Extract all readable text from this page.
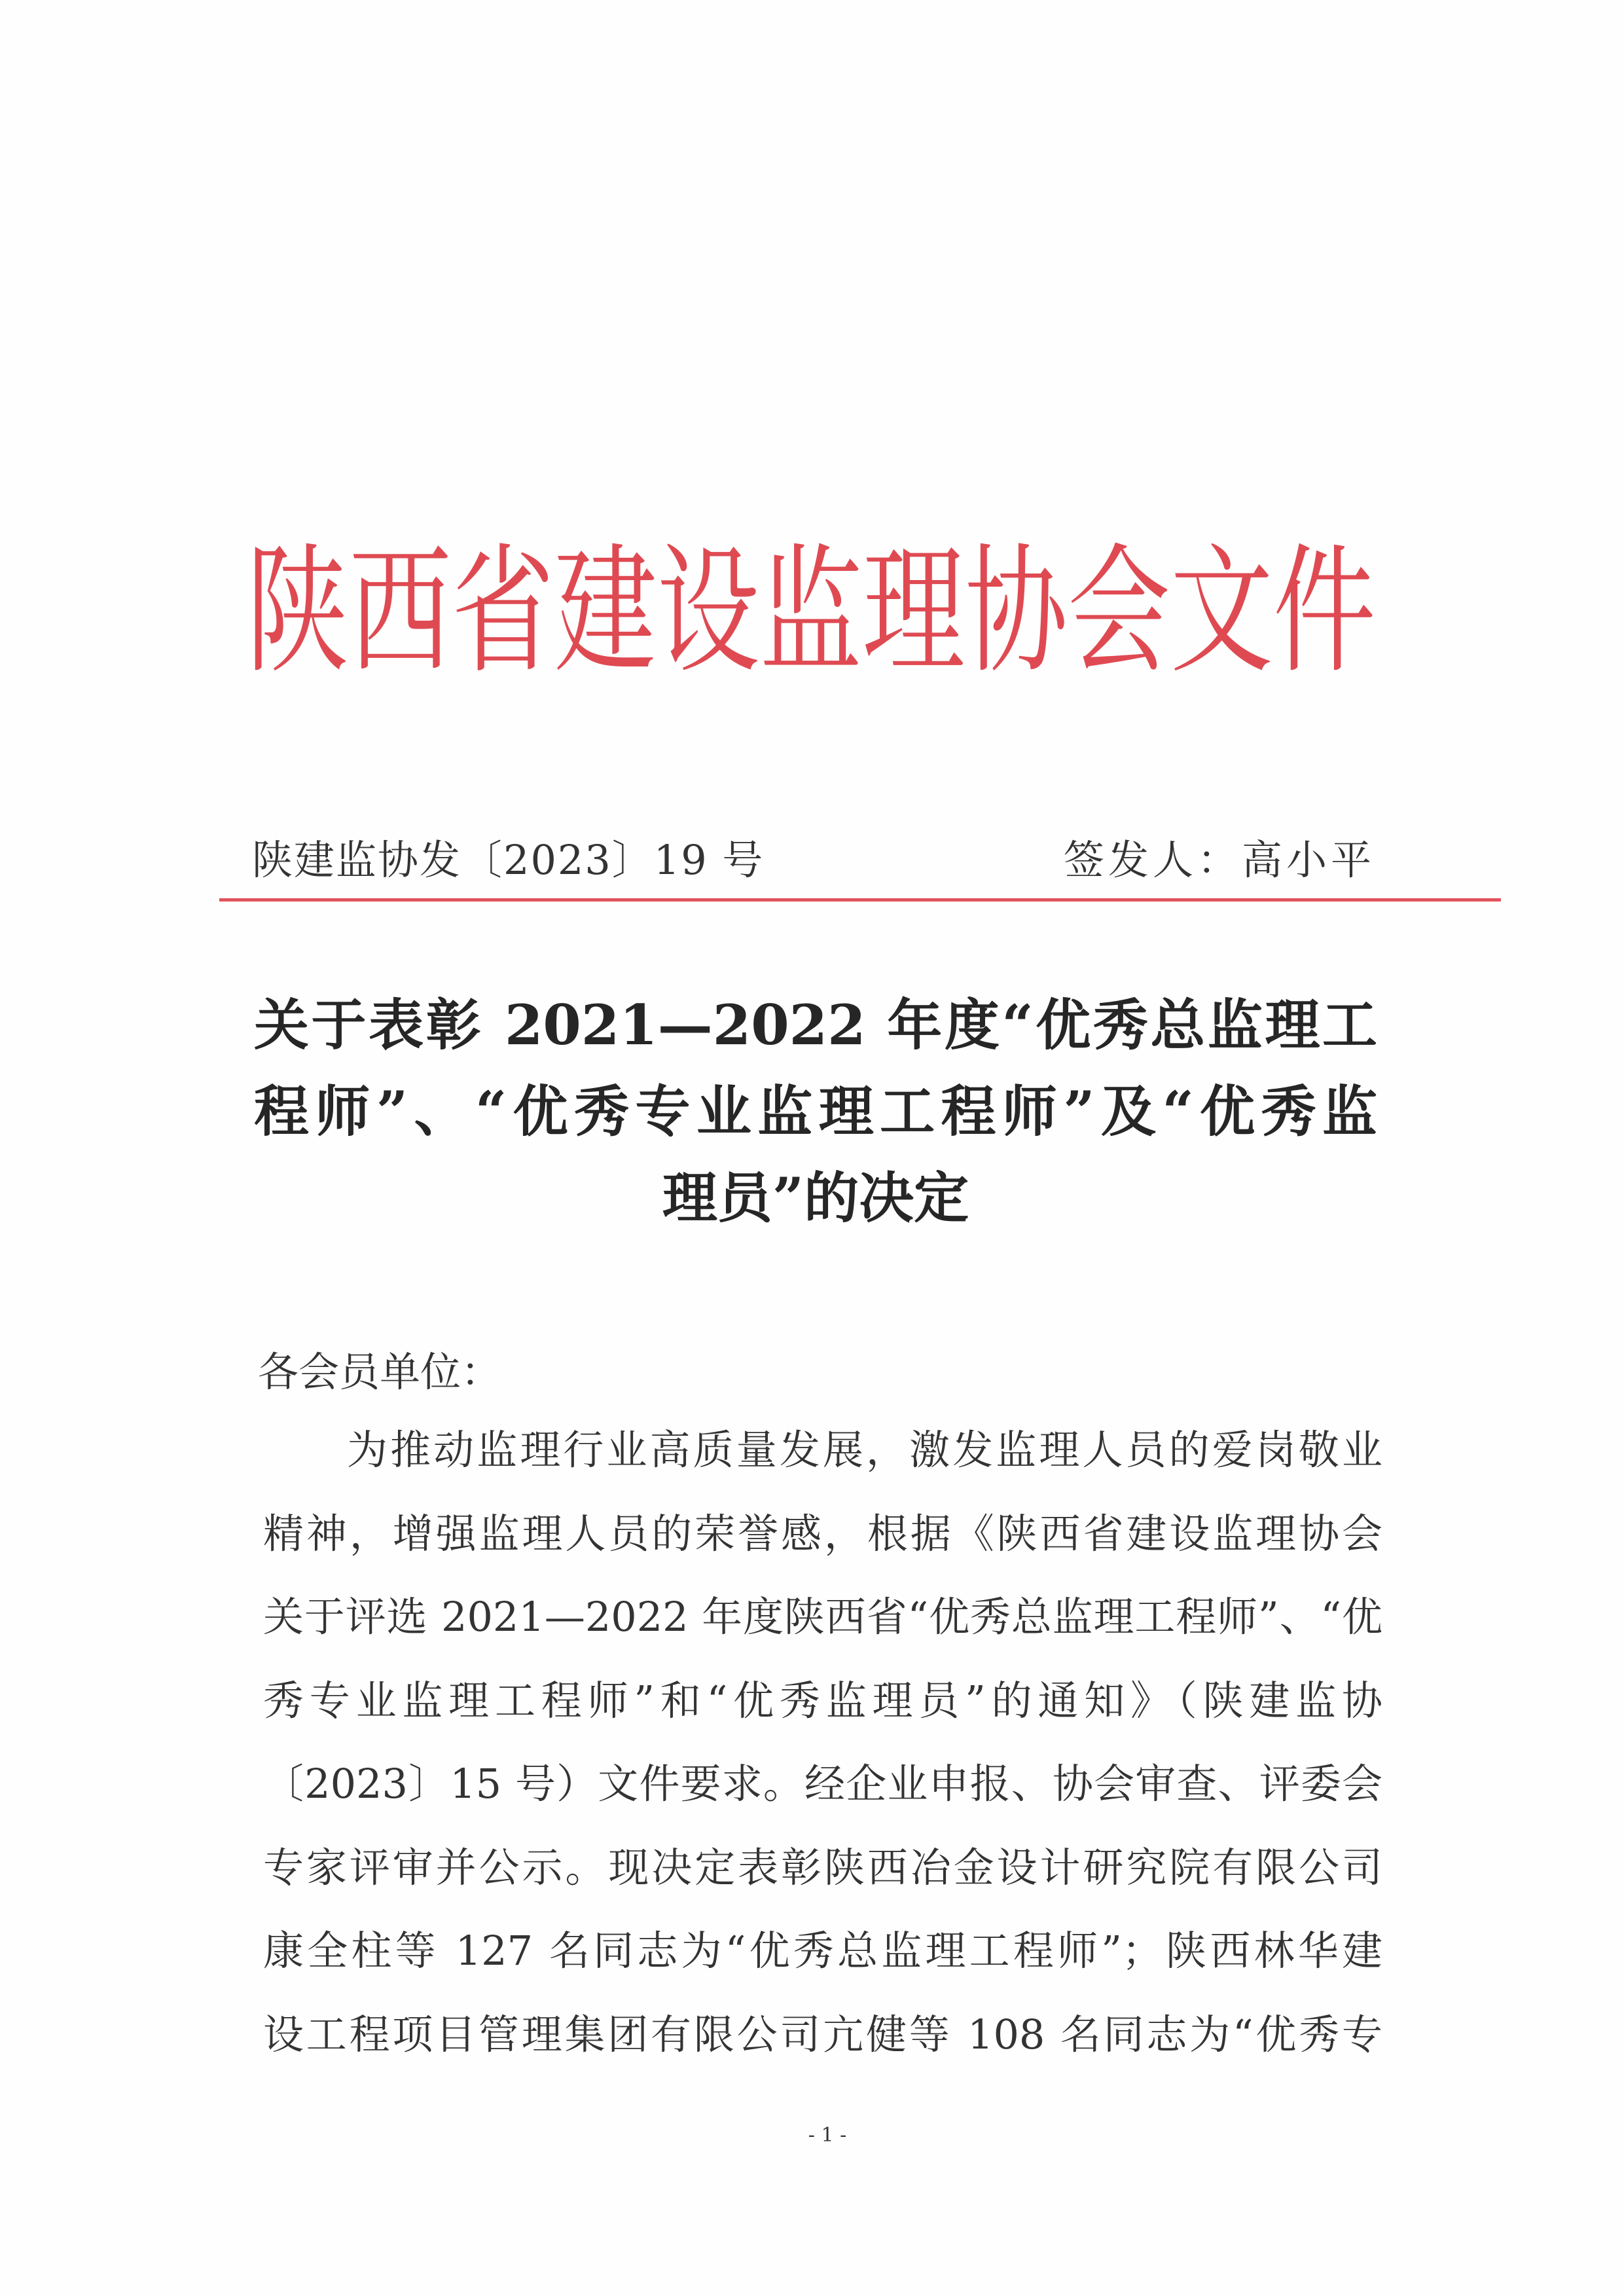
陕西省建设监理协会文件
陕建监协发〔2023〕19 号	签发人：高小平
关于表彰 2021—2022 年度“优秀总监理工
程师”、“优秀专业监理工程师”及“优秀监
理员”的决定
各会员单位：
为推动监理行业高质量发展，激发监理人员的爱岗敬业
精神，增强监理人员的荣誉感，根据《陕西省建设监理协会
关于评选 2021—2022 年度陕西省“优秀总监理工程师”、“优
秀专业监理工程师”和“优秀监理员”的通知》（陕建监协
〔2023〕15 号）文件要求。经企业申报、协会审查、评委会
专家评审并公示。现决定表彰陕西冶金设计研究院有限公司
康全柱等 127 名同志为“优秀总监理工程师”；陕西林华建
设工程项目管理集团有限公司亢健等 108 名同志为“优秀专
- 1 -
